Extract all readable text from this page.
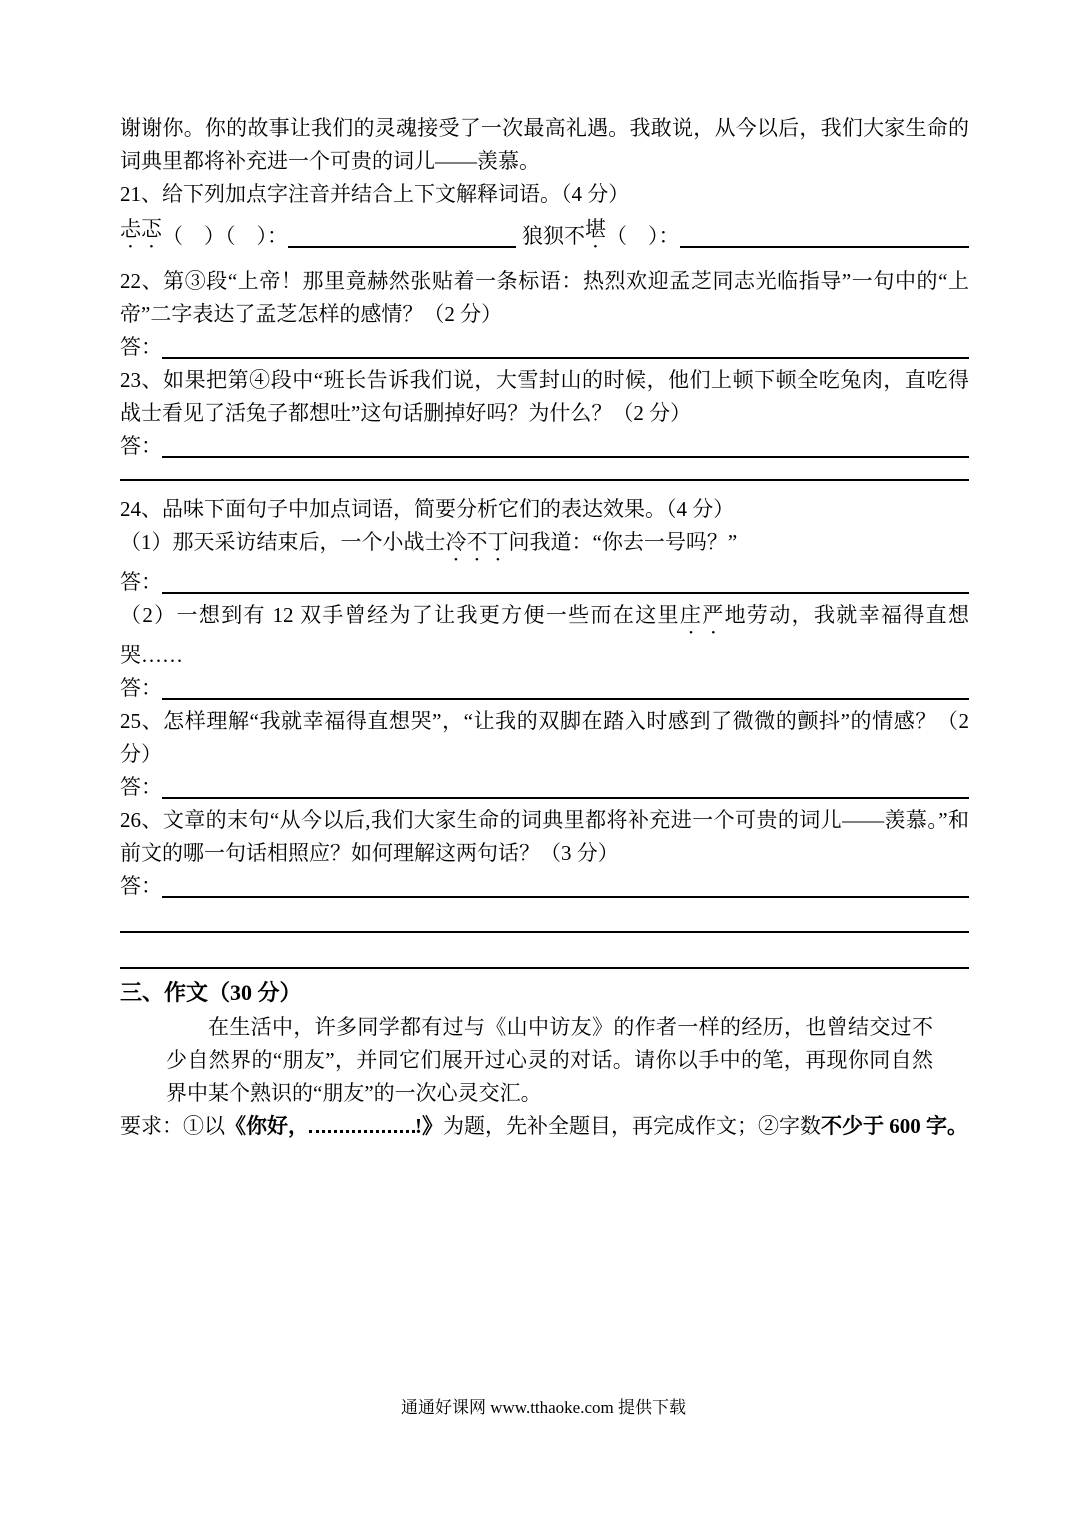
谢谢你。你的故事让我们的灵魂接受了一次最高礼遇。我敢说，从今以后，我们大家生命的词典里都将补充进一个可贵的词儿——羡慕。

21、给下列加点字注音并结合上下文解释词语。（4 分）

忐忑 （　）（　）：	狼狈不 堪 （　）：

22、第③段“上帝！那里竟赫然张贴着一条标语：热烈欢迎孟芝同志光临指导”一句中的“上帝”二字表达了孟芝怎样的感情？（2 分）

答：

23、如果把第④段中“班长告诉我们说，大雪封山的时候，他们上顿下顿全吃兔肉，直吃得战士看见了活兔子都想吐”这句话删掉好吗？为什么？（2 分）

答：

24、品味下面句子中加点词语，简要分析它们的表达效果。（4 分）

（1）那天采访结束后，一个小战士冷不丁问我道：“你去一号吗？”

答：

（2）一想到有 12 双手曾经为了让我更方便一些而在这里庄严地劳动，我就幸福得直想哭……

答：

25、怎样理解“我就幸福得直想哭”，“让我的双脚在踏入时感到了微微的颤抖”的情感？（2 分）

答：

26、文章的末句“从今以后,我们大家生命的词典里都将补充进一个可贵的词儿——羡慕。”和前文的哪一句话相照应？如何理解这两句话？（3 分）

答：

三、作文（30 分）

在生活中，许多同学都有过与《山中访友》的作者一样的经历，也曾结交过不少自然界的“朋友”，并同它们展开过心灵的对话。请你以手中的笔，再现你同自然界中某个熟识的“朋友”的一次心灵交汇。

要求：①以《你好，	!》为题，先补全题目，再完成作文；②字数不少于 600 字。

通通好课网 www.tthaoke.com 提供下载
